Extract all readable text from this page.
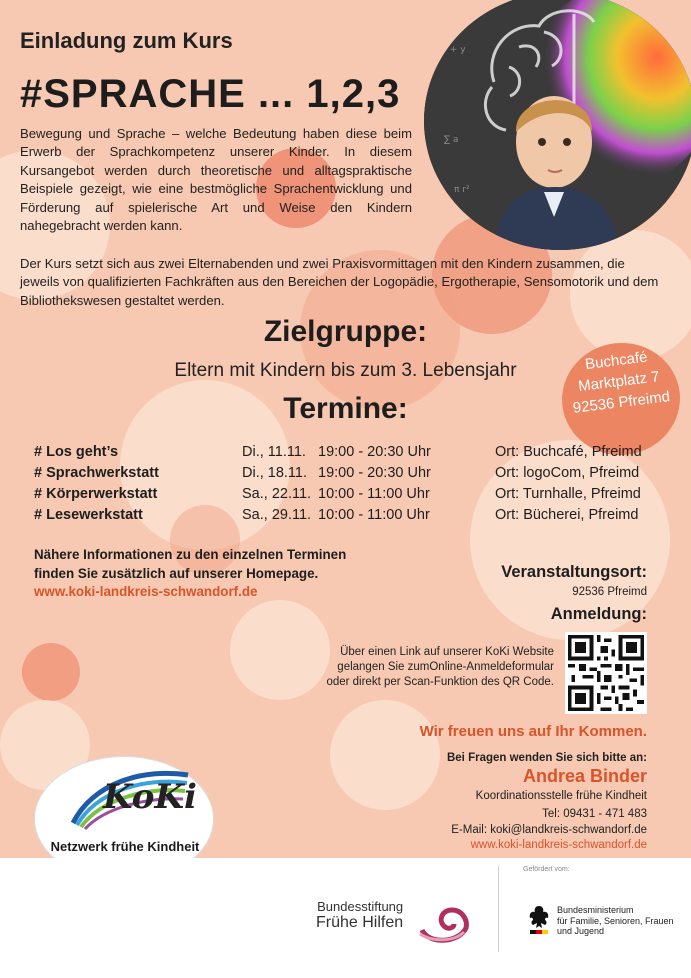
x² + y
∑ a
π r²
Einladung zum Kurs
#SPRACHE ... 1,2,3
Bewegung und Sprache – welche Bedeutung haben diese beim Erwerb der Sprachkompetenz unserer Kinder. In diesem Kursangebot werden durch theoretische und alltagspraktische Beispiele gezeigt, wie eine bestmögliche Sprachentwicklung und Förderung auf spielerische Art und Weise den Kindern nahegebracht werden kann.
Der Kurs setzt sich aus zwei Elternabenden und zwei Praxisvormittagen mit den Kindern zusammen, die jeweils von qualifizierten Fachkräften aus den Bereichen der Logopädie, Ergotherapie, Sensomotorik und dem Bibliothekswesen gestaltet werden.
Zielgruppe:
Eltern mit Kindern bis zum 3. Lebensjahr
Termine:
Buchcafé
Marktplatz 7
92536 Pfreimd
# Los geht’s	Di., 11.11. 19:00 - 20:30 Uhr	Ort: Buchcafé, Pfreimd
# Sprachwerkstatt	Di., 18.11. 19:00 - 20:30 Uhr	Ort: logoCom, Pfreimd
# Körperwerkstatt	Sa., 22.11. 10:00 - 11:00 Uhr	Ort: Turnhalle, Pfreimd
# Lesewerkstatt	Sa., 29.11. 10:00 - 11:00 Uhr	Ort: Bücherei, Pfreimd
Nähere Informationen zu den einzelnen Terminen
finden Sie zusätzlich auf unserer Homepage.
www.koki-landkreis-schwandorf.de
Veranstaltungsort:
92536 Pfreimd
Anmeldung:
Über einen Link auf unserer KoKi Website
gelangen Sie zumOnline-Anmeldeformular
oder direkt per Scan-Funktion des QR Code.
Wir freuen uns auf Ihr Kommen.
Bei Fragen wenden Sie sich bitte an:
Andrea Binder
Koordinationsstelle frühe Kindheit
Tel: 09431 - 471 483
E-Mail: koki@landkreis-schwandorf.de
www.koki-landkreis-schwandorf.de
KoKi
Netzwerk frühe Kindheit
Bundesstiftung
Frühe Hilfen
Gefördert vom:
Bundesministerium
für Familie, Senioren, Frauen
und Jugend
